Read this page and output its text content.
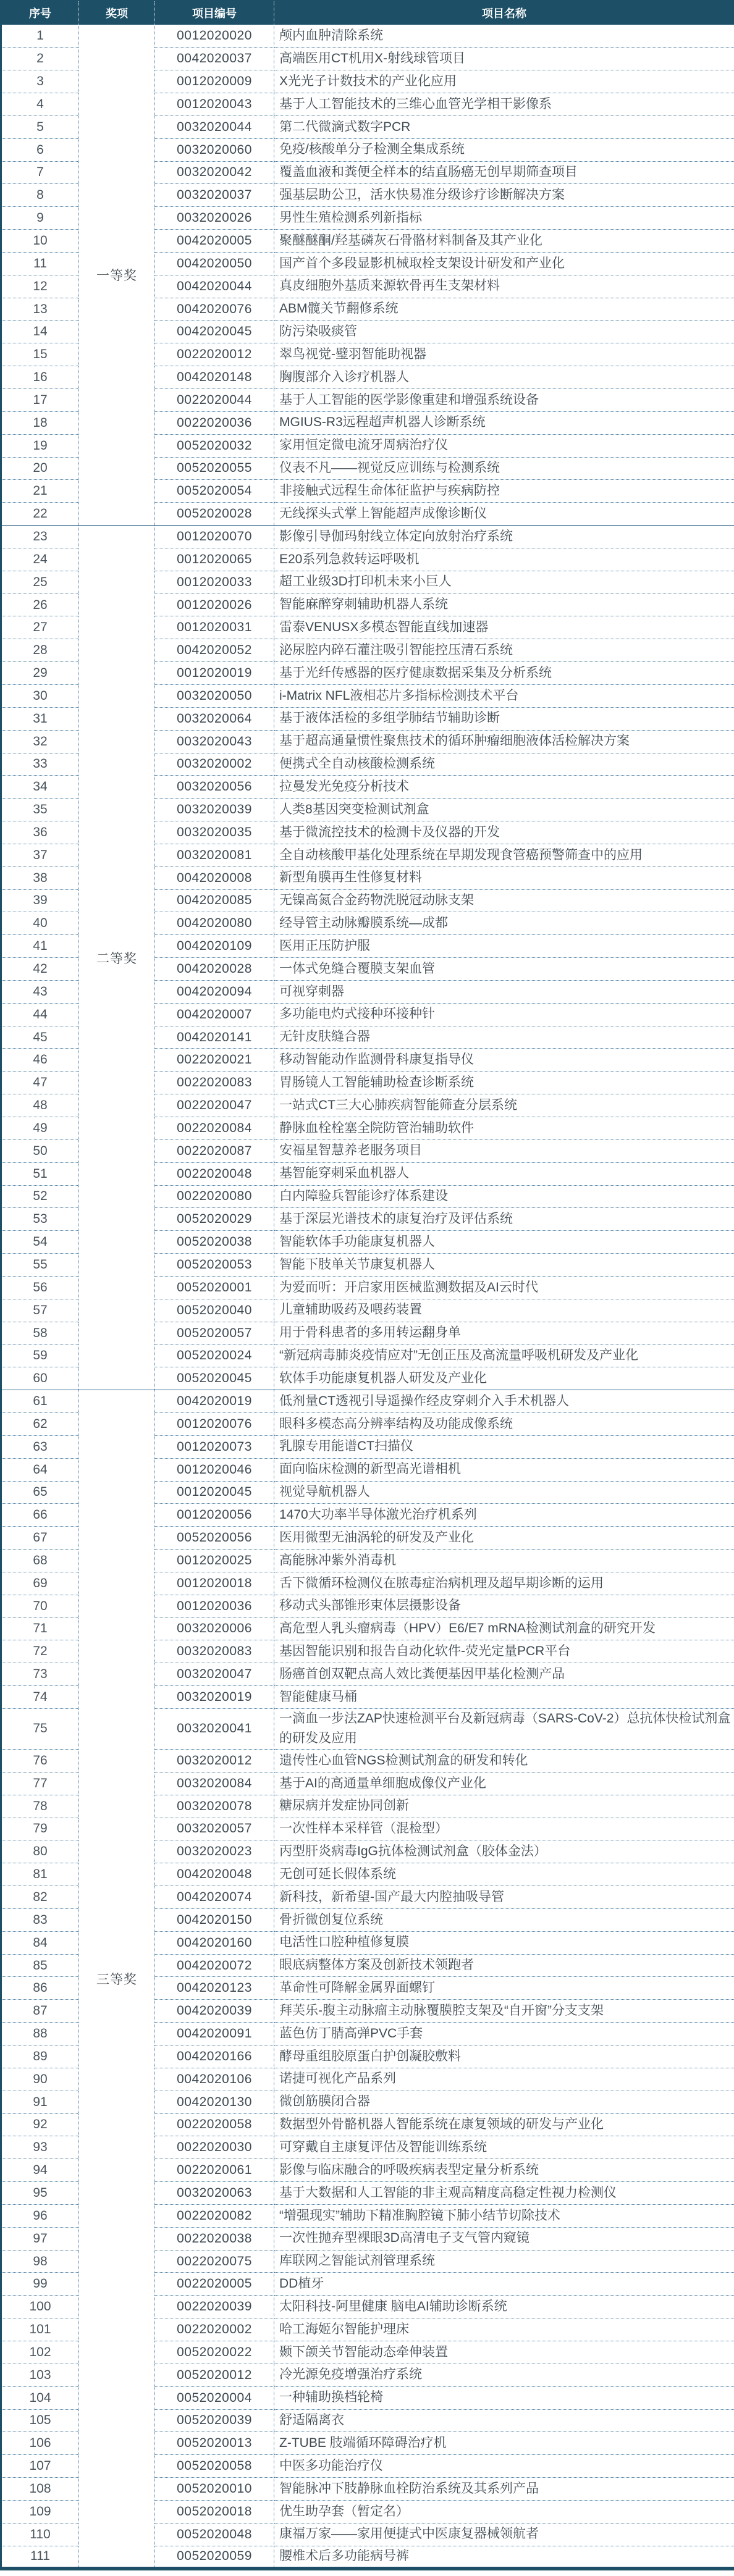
序号	奖项	项目编号	项目名称
1	一等奖	0012020020	颅内血肿清除系统
2		0042020037	高端医用CT机用X-射线球管项目
3		0012020009	X光光子计数技术的产业化应用
4		0012020043	基于人工智能技术的三维心血管光学相干影像系
5		0032020044	第二代微滴式数字PCR
6		0032020060	免疫/核酸单分子检测全集成系统
7		0032020042	覆盖血液和粪便全样本的结直肠癌无创早期筛查项目
8		0032020037	强基层助公卫，活水快易准分级诊疗诊断解决方案
9		0032020026	男性生殖检测系列新指标
10		0042020005	聚醚醚酮/羟基磷灰石骨骼材料制备及其产业化
11		0042020050	国产首个多段显影机械取栓支架设计研发和产业化
12		0042020044	真皮细胞外基质来源软骨再生支架材料
13		0042020076	ABM髋关节翻修系统
14		0042020045	防污染吸痰管
15		0022020012	翠鸟视觉-璧羽智能助视器
16		0042020148	胸腹部介入诊疗机器人
17		0022020044	基于人工智能的医学影像重建和增强系统设备
18		0022020036	MGIUS-R3远程超声机器人诊断系统
19		0052020032	家用恒定微电流牙周病治疗仪
20		0052020055	仪表不凡——视觉反应训练与检测系统
21		0052020054	非接触式远程生命体征监护与疾病防控
22		0052020028	无线探头式掌上智能超声成像诊断仪
23	二等奖	0012020070	影像引导伽玛射线立体定向放射治疗系统
24		0012020065	E20系列急救转运呼吸机
25		0012020033	超工业级3D打印机未来小巨人
26		0012020026	智能麻醉穿刺辅助机器人系统
27		0012020031	雷泰VENUSX多模态智能直线加速器
28		0042020052	泌尿腔内碎石灌注吸引智能控压清石系统
29		0012020019	基于光纤传感器的医疗健康数据采集及分析系统
30		0032020050	i-Matrix NFL液相芯片多指标检测技术平台
31		0032020064	基于液体活检的多组学肺结节辅助诊断
32		0032020043	基于超高通量惯性聚焦技术的循环肿瘤细胞液体活检解决方案
33		0032020002	便携式全自动核酸检测系统
34		0032020056	拉曼发光免疫分析技术
35		0032020039	人类8基因突变检测试剂盒
36		0032020035	基于微流控技术的检测卡及仪器的开发
37		0032020081	全自动核酸甲基化处理系统在早期发现食管癌预警筛查中的应用
38		0042020008	新型角膜再生性修复材料
39		0042020085	无镍高氮合金药物洗脱冠动脉支架
40		0042020080	经导管主动脉瓣膜系统—成都
41		0042020109	医用正压防护服
42		0042020028	一体式免缝合覆膜支架血管
43		0042020094	可视穿刺器
44		0042020007	多功能电灼式接种环接种针
45		0042020141	无针皮肤缝合器
46		0022020021	移动智能动作监测骨科康复指导仪
47		0022020083	胃肠镜人工智能辅助检查诊断系统
48		0022020047	一站式CT三大心肺疾病智能筛查分层系统
49		0022020084	静脉血栓栓塞全院防管治辅助软件
50		0022020087	安福星智慧养老服务项目
51		0022020048	基智能穿刺采血机器人
52		0022020080	白内障验兵智能诊疗体系建设
53		0052020029	基于深层光谱技术的康复治疗及评估系统
54		0052020038	智能软体手功能康复机器人
55		0052020053	智能下肢单关节康复机器人
56		0052020001	为爱而听：开启家用医械监测数据及AI云时代
57		0052020040	儿童辅助吸药及喂药装置
58		0052020057	用于骨科患者的多用转运翻身单
59		0052020024	“新冠病毒肺炎疫情应对”无创正压及高流量呼吸机研发及产业化
60		0052020045	软体手功能康复机器人研发及产业化
61	三等奖	0042020019	低剂量CT透视引导遥操作经皮穿刺介入手术机器人
62		0012020076	眼科多模态高分辨率结构及功能成像系统
63		0012020073	乳腺专用能谱CT扫描仪
64		0012020046	面向临床检测的新型高光谱相机
65		0012020045	视觉导航机器人
66		0012020056	1470大功率半导体激光治疗机系列
67		0052020056	医用微型无油涡轮的研发及产业化
68		0012020025	高能脉冲紫外消毒机
69		0012020018	舌下微循环检测仪在脓毒症治病机理及超早期诊断的运用
70		0012020036	移动式头部锥形束体层摄影设备
71		0032020006	高危型人乳头瘤病毒（HPV）E6/E7 mRNA检测试剂盒的研究开发
72		0032020083	基因智能识别和报告自动化软件-荧光定量PCR平台
73		0032020047	肠癌首创双靶点高人效比粪便基因甲基化检测产品
74		0032020019	智能健康马桶
75		0032020041	一滴血一步法ZAP快速检测平台及新冠病毒（SARS-CoV-2）总抗体快检试剂盒的研发及应用
76		0032020012	遗传性心血管NGS检测试剂盒的研发和转化
77		0032020084	基于AI的高通量单细胞成像仪产业化
78		0032020078	糖尿病并发症协同创新
79		0032020057	一次性样本采样管（混检型）
80		0032020023	丙型肝炎病毒IgG抗体检测试剂盒（胶体金法）
81		0042020048	无创可延长假体系统
82		0042020074	新科技，新希望-国产最大内腔抽吸导管
83		0042020150	骨折微创复位系统
84		0042020160	电活性口腔种植修复膜
85		0042020072	眼底病整体方案及创新技术领跑者
86		0042020123	革命性可降解金属界面螺钉
87		0042020039	拜芙乐-腹主动脉瘤主动脉覆膜腔支架及“自开窗”分支支架
88		0042020091	蓝色仿丁腈高弹PVC手套
89		0042020166	酵母重组胶原蛋白护创凝胶敷料
90		0042020106	诺捷可视化产品系列
91		0042020130	微创筋膜闭合器
92		0022020058	数据型外骨骼机器人智能系统在康复领域的研发与产业化
93		0022020030	可穿戴自主康复评估及智能训练系统
94		0022020061	影像与临床融合的呼吸疾病表型定量分析系统
95		0032020063	基于大数据和人工智能的非主观高精度高稳定性视力检测仪
96		0022020082	“增强现实”辅助下精准胸腔镜下肺小结节切除技术
97		0022020038	一次性抛弃型裸眼3D高清电子支气管内窥镜
98		0022020075	库联网之智能试剂管理系统
99		0022020005	DD植牙
100		0022020039	太阳科技-阿里健康 脑电AI辅助诊断系统
101		0022020002	哈工海姬尔智能护理床
102		0052020022	颞下颌关节智能动态牵伸装置
103		0052020012	冷光源免疫增强治疗系统
104		0052020004	一种辅助换档轮椅
105		0052020039	舒适隔离衣
106		0052020013	Z-TUBE 肢端循环障碍治疗机
107		0052020058	中医多功能治疗仪
108		0052020010	智能脉冲下肢静脉血栓防治系统及其系列产品
109		0052020018	优生助孕套（暂定名）
110		0052020048	康福万家——家用便捷式中医康复器械领航者
111		0052020059	腰椎术后多功能病号裤
